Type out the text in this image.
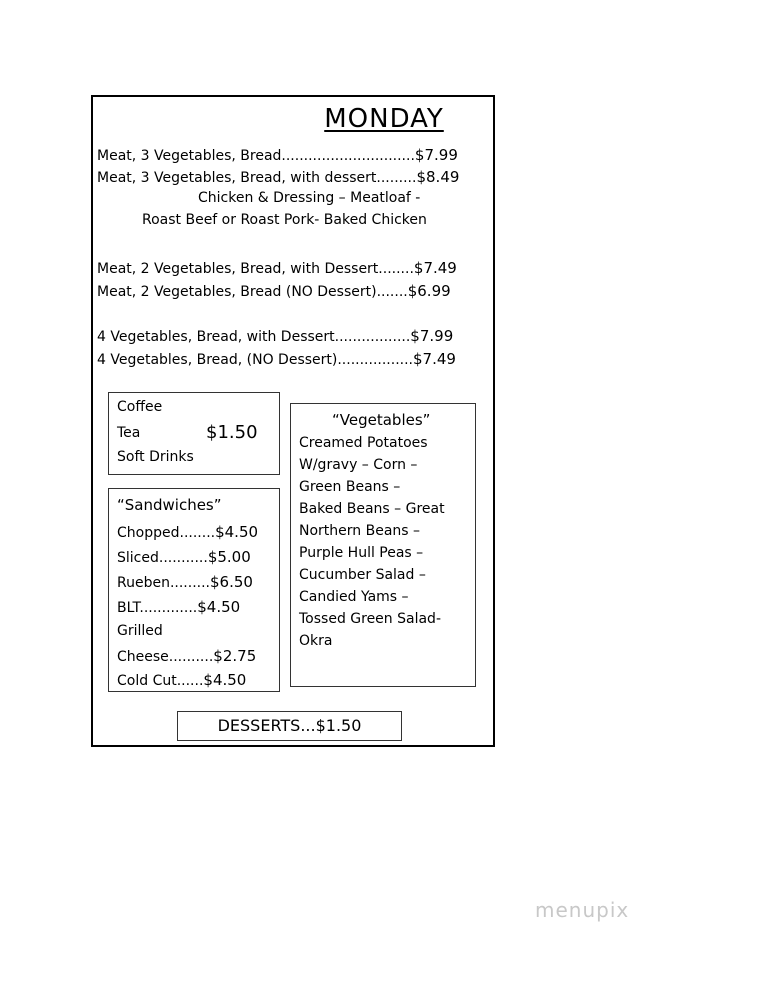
MONDAY
Meat, 3 Vegetables, Bread..............................$7.99
Meat, 3 Vegetables, Bread, with dessert.........$8.49
Chicken & Dressing – Meatloaf -
Roast Beef or Roast Pork- Baked Chicken
Meat, 2 Vegetables, Bread, with Dessert........$7.49
Meat, 2 Vegetables, Bread (NO Dessert).......$6.99
4 Vegetables, Bread, with Dessert.................$7.99
4 Vegetables, Bread, (NO Dessert).................$7.49
Coffee
Tea
Soft Drinks
$1.50
“Sandwiches”
Chopped........$4.50
Sliced...........$5.00
Rueben.........$6.50
BLT.............$4.50
Grilled
Cheese..........$2.75
Cold Cut......$4.50
“Vegetables”
Creamed Potatoes
W/gravy – Corn –
Green Beans –
Baked Beans – Great
Northern Beans –
Purple Hull Peas –
Cucumber Salad –
Candied Yams –
Tossed Green Salad-
Okra
DESSERTS...$1.50
menupix
